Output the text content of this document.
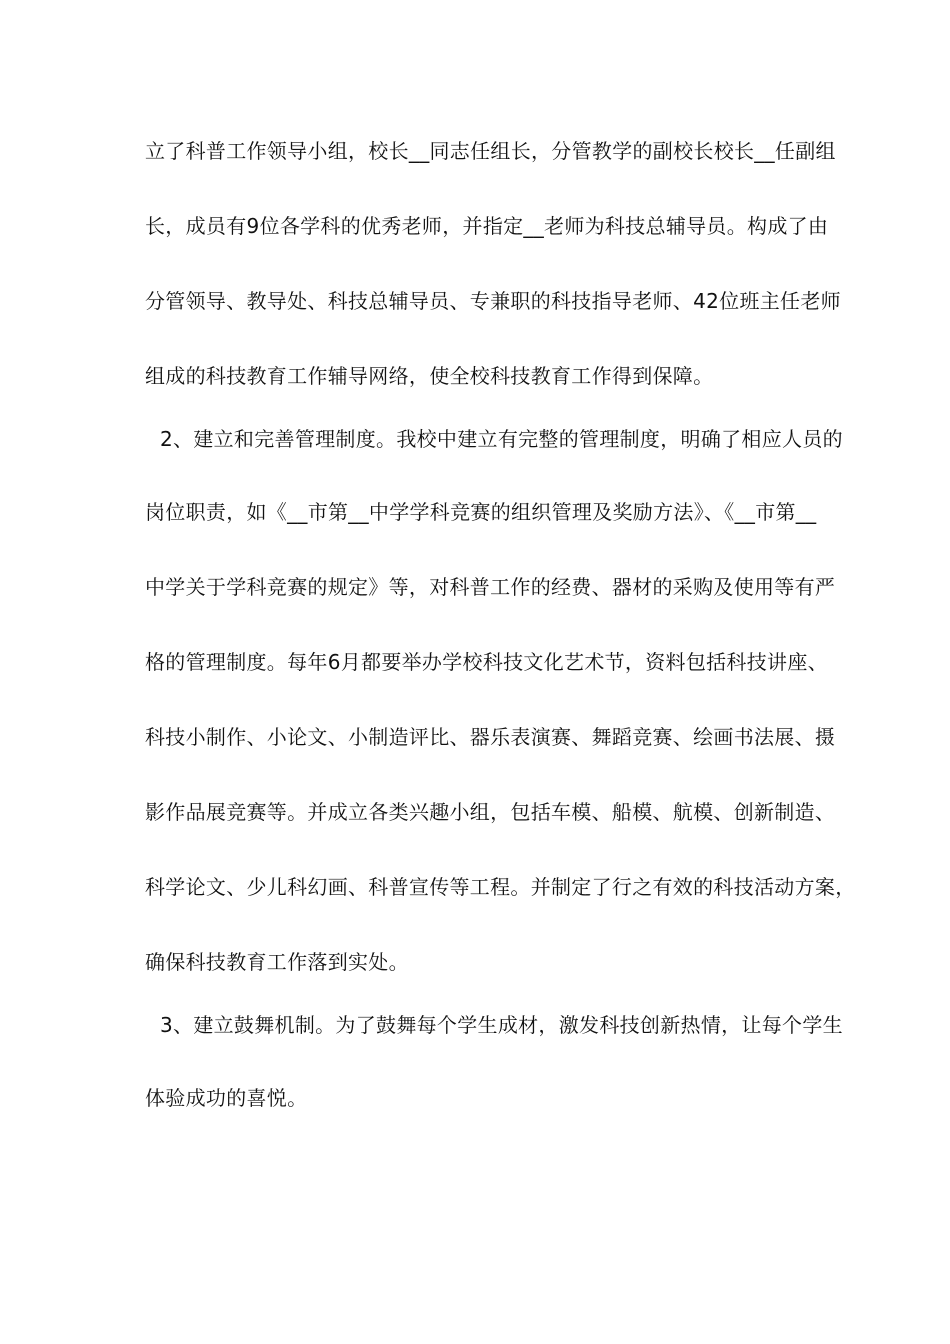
立了科普工作领导小组，校长__同志任组长，分管教学的副校长校长__任副组
长，成员有9位各学科的优秀老师，并指定__老师为科技总辅导员。构成了由
分管领导、教导处、科技总辅导员、专兼职的科技指导老师、42位班主任老师
组成的科技教育工作辅导网络，使全校科技教育工作得到保障。
2、建立和完善管理制度。我校中建立有完整的管理制度，明确了相应人员的
岗位职责，如《__市第__中学学科竞赛的组织管理及奖励方法》、《__市第__
中学关于学科竞赛的规定》等，对科普工作的经费、器材的采购及使用等有严
格的管理制度。每年6月都要举办学校科技文化艺术节，资料包括科技讲座、
科技小制作、小论文、小制造评比、器乐表演赛、舞蹈竞赛、绘画书法展、摄
影作品展竞赛等。并成立各类兴趣小组，包括车模、船模、航模、创新制造、
科学论文、少儿科幻画、科普宣传等工程。并制定了行之有效的科技活动方案，
确保科技教育工作落到实处。
3、建立鼓舞机制。为了鼓舞每个学生成材，激发科技创新热情，让每个学生
体验成功的喜悦。
